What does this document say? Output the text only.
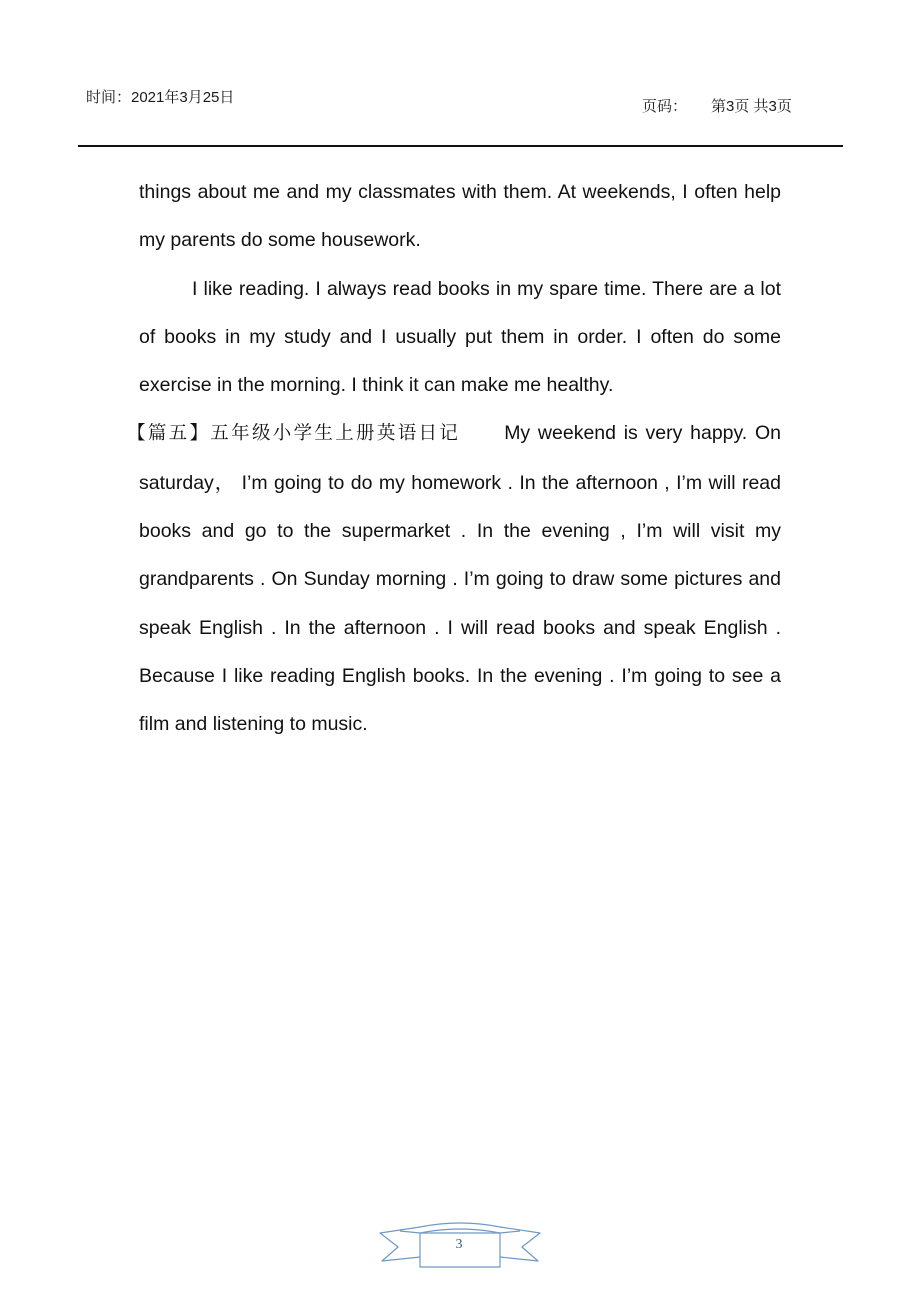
时间：2021年3月25日
页码： 第3页 共3页

things about me and my classmates with them. At weekends, I often help my parents do some housework.

I like reading. I always read books in my spare time. There are a lot of books in my study and I usually put them in order. I often do some exercise in the morning. I think it can make me healthy.

【篇五】五年级小学生上册英语日记 My weekend is very happy. On saturday， I’m going to do my homework . In the afternoon , I’m will read books and go to the supermarket . In the evening , I’m will visit my grandparents . On Sunday morning . I’m going to draw some pictures and speak English . In the afternoon . I will read books and speak English . Because I like reading English books. In the evening . I’m going to see a film and listening to music.

3
